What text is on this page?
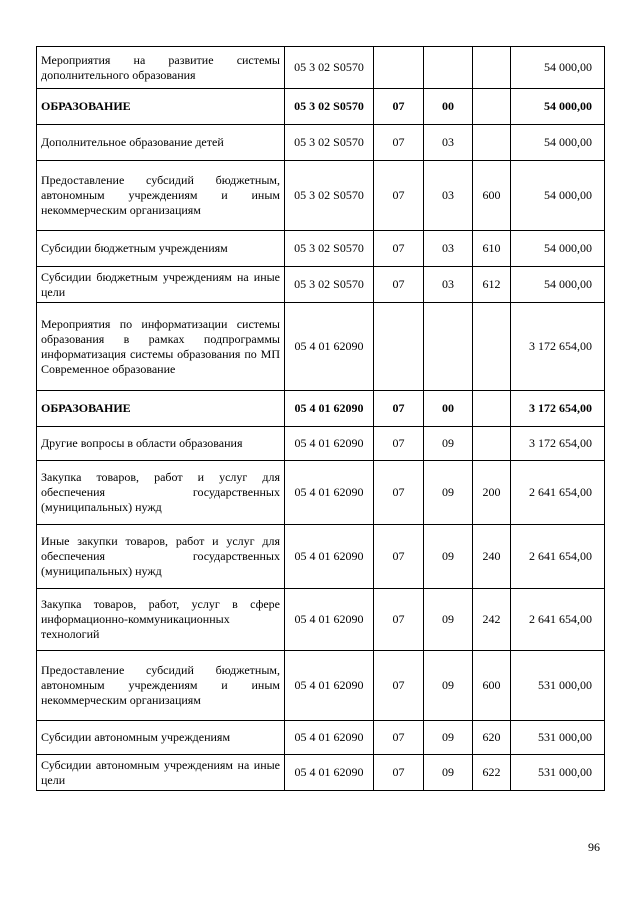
Мероприятия на развитие системы дополнительного образования	05 3 02 S0570				54 000,00
ОБРАЗОВАНИЕ	05 3 02 S0570	07	00		54 000,00
Дополнительное образование детей	05 3 02 S0570	07	03		54 000,00
Предоставление субсидий бюджетным, автономным учреждениям и иным некоммерческим организациям	05 3 02 S0570	07	03	600	54 000,00
Субсидии бюджетным учреждениям	05 3 02 S0570	07	03	610	54 000,00
Субсидии бюджетным учреждениям на иные цели	05 3 02 S0570	07	03	612	54 000,00
Мероприятия по информатизации системы образования в рамках подпрограммы информатизация системы образования по МП Современное образование	05 4 01 62090				3 172 654,00
ОБРАЗОВАНИЕ	05 4 01 62090	07	00		3 172 654,00
Другие вопросы в области образования	05 4 01 62090	07	09		3 172 654,00
Закупка товаров, работ и услуг для обеспечения государственных (муниципальных) нужд	05 4 01 62090	07	09	200	2 641 654,00
Иные закупки товаров, работ и услуг для обеспечения государственных (муниципальных) нужд	05 4 01 62090	07	09	240	2 641 654,00
Закупка товаров, работ, услуг в сфере информационно-коммуникационных технологий	05 4 01 62090	07	09	242	2 641 654,00
Предоставление субсидий бюджетным, автономным учреждениям и иным некоммерческим организациям	05 4 01 62090	07	09	600	531 000,00
Субсидии автономным учреждениям	05 4 01 62090	07	09	620	531 000,00
Субсидии автономным учреждениям на иные цели	05 4 01 62090	07	09	622	531 000,00
96
